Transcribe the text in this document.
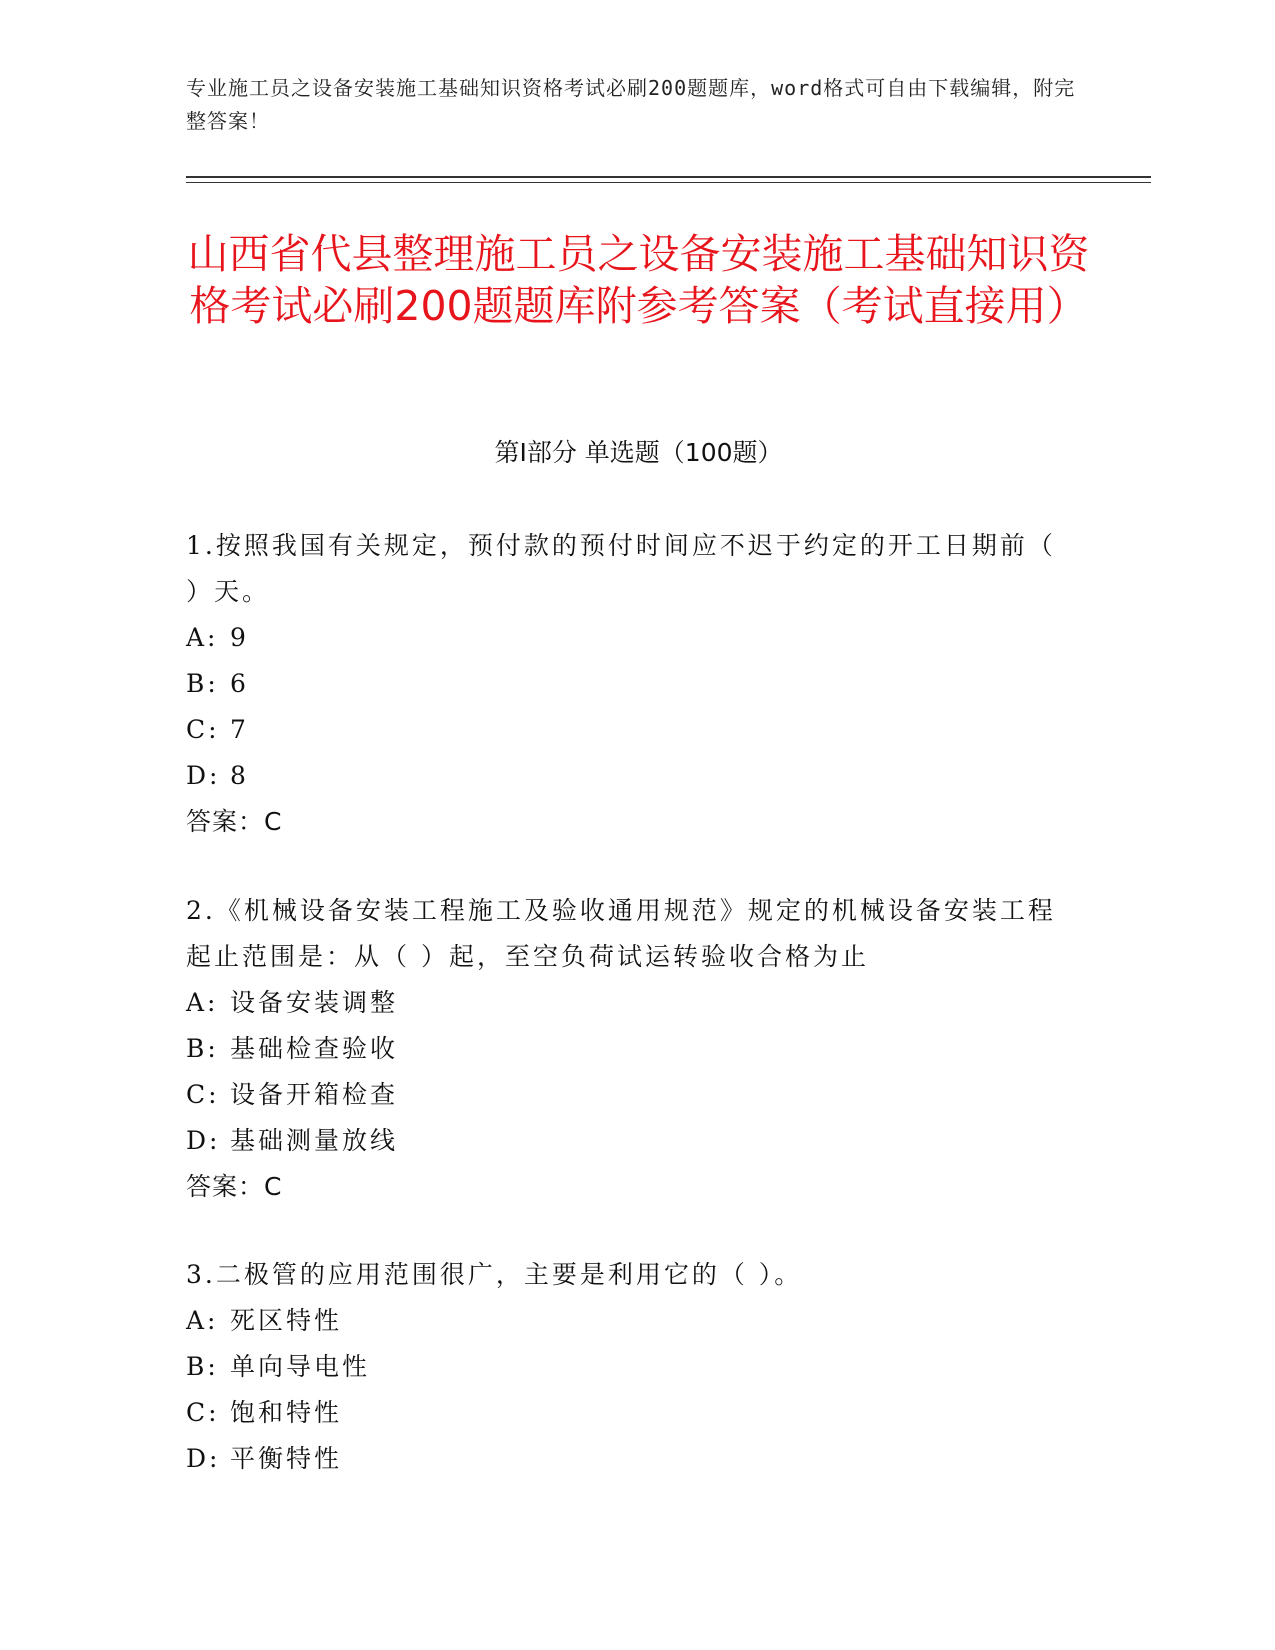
专业施工员之设备安装施工基础知识资格考试必刷200题题库，word格式可自由下载编辑，附完整答案！
山西省代县整理施工员之设备安装施工基础知识资格考试必刷200题题库附参考答案（考试直接用）
第Ⅰ部分 单选题（100题）

1.按照我国有关规定，预付款的预付时间应不迟于约定的开工日期前（ ）天。

A: 9
B: 6
C: 7
D: 8
答案：C

2.《机械设备安装工程施工及验收通用规范》规定的机械设备安装工程起止范围是：从（ ）起，至空负荷试运转验收合格为止

A: 设备安装调整
B: 基础检查验收
C: 设备开箱检查
D: 基础测量放线
答案：C

3.二极管的应用范围很广，主要是利用它的（ ）。

A: 死区特性
B: 单向导电性
C: 饱和特性
D: 平衡特性
